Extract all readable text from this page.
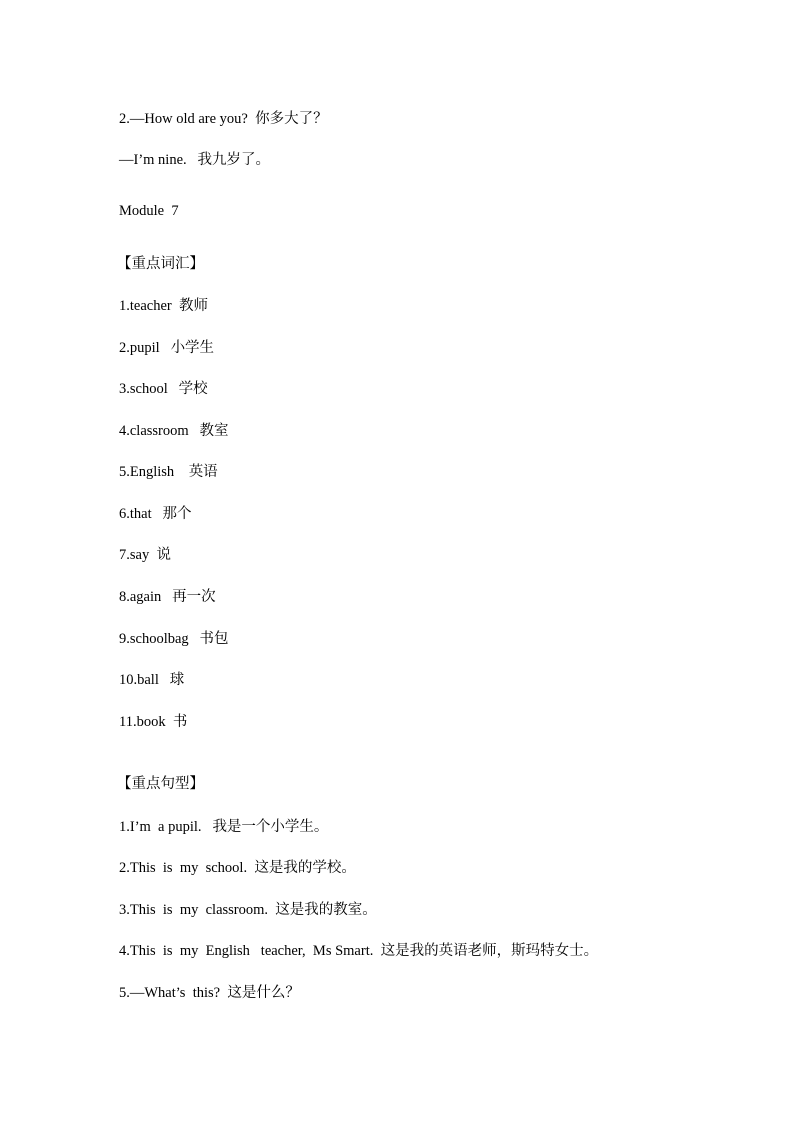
2.—How old are you?  你多大了？
—I’m nine.   我九岁了。
Module  7
【重点词汇】
1.teacher  教师
2.pupil   小学生
3.school   学校
4.classroom   教室
5.English    英语
6.that   那个
7.say  说
8.again   再一次
9.schoolbag   书包
10.ball   球
11.book  书
【重点句型】
1.I’m  a pupil.   我是一个小学生。
2.This  is  my  school.  这是我的学校。
3.This  is  my  classroom.  这是我的教室。
4.This  is  my  English   teacher,  Ms Smart.  这是我的英语老师，斯玛特女士。
5.—What’s  this?  这是什么？
